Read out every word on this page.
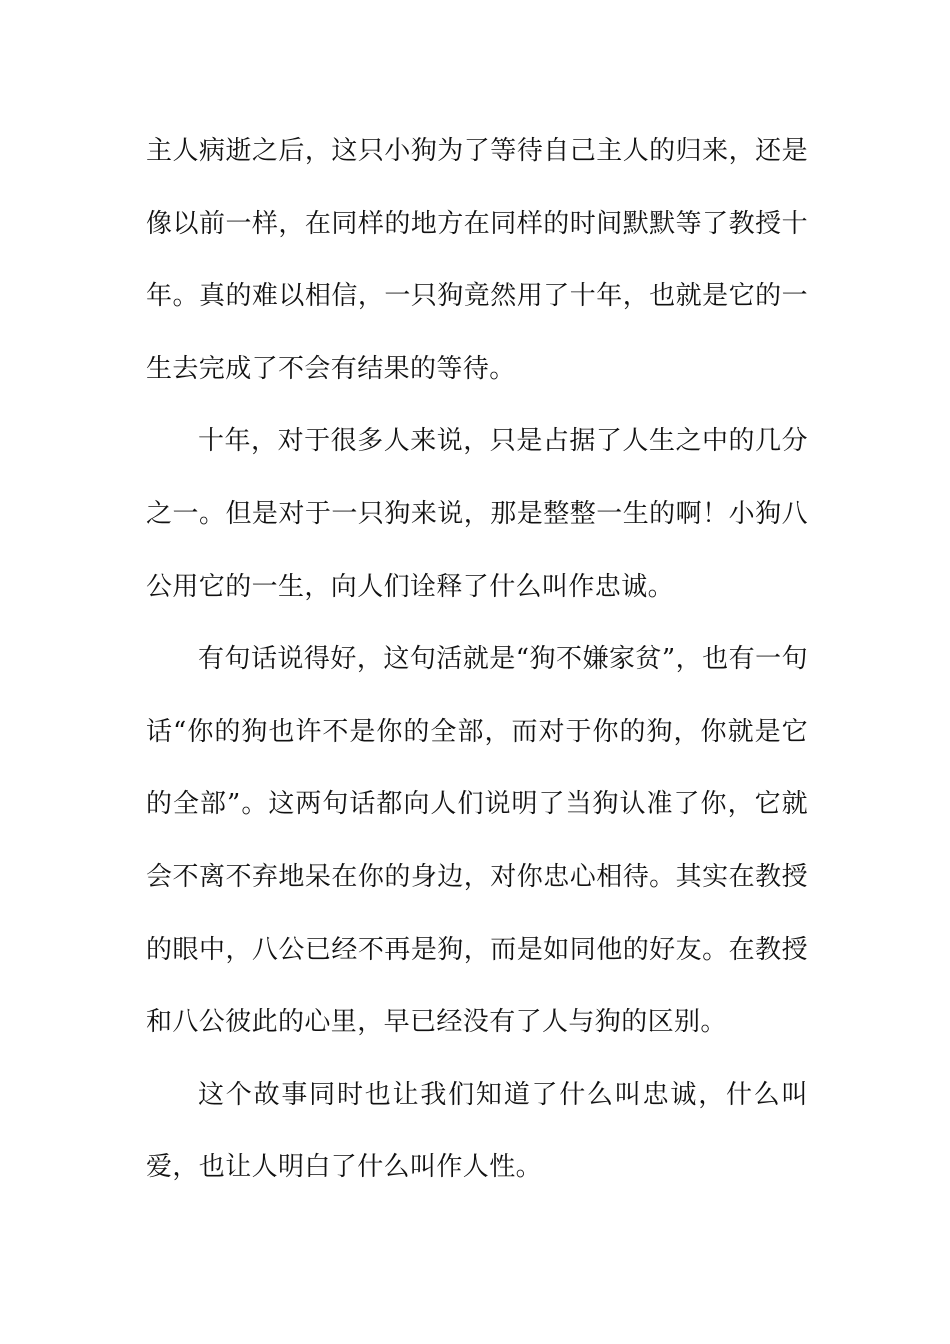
主人病逝之后，这只小狗为了等待自己主人的归来，还是像以前一样，在同样的地方在同样的时间默默等了教授十年。真的难以相信，一只狗竟然用了十年，也就是它的一生去完成了不会有结果的等待。

十年，对于很多人来说，只是占据了人生之中的几分之一。但是对于一只狗来说，那是整整一生的啊！小狗八公用它的一生，向人们诠释了什么叫作忠诚。

有句话说得好，这句活就是“狗不嫌家贫”，也有一句话“你的狗也许不是你的全部，而对于你的狗，你就是它的全部”。这两句话都向人们说明了当狗认准了你，它就会不离不弃地呆在你的身边，对你忠心相待。其实在教授的眼中，八公已经不再是狗，而是如同他的好友。在教授和八公彼此的心里，早已经没有了人与狗的区别。

这个故事同时也让我们知道了什么叫忠诚，什么叫爱，也让人明白了什么叫作人性。
